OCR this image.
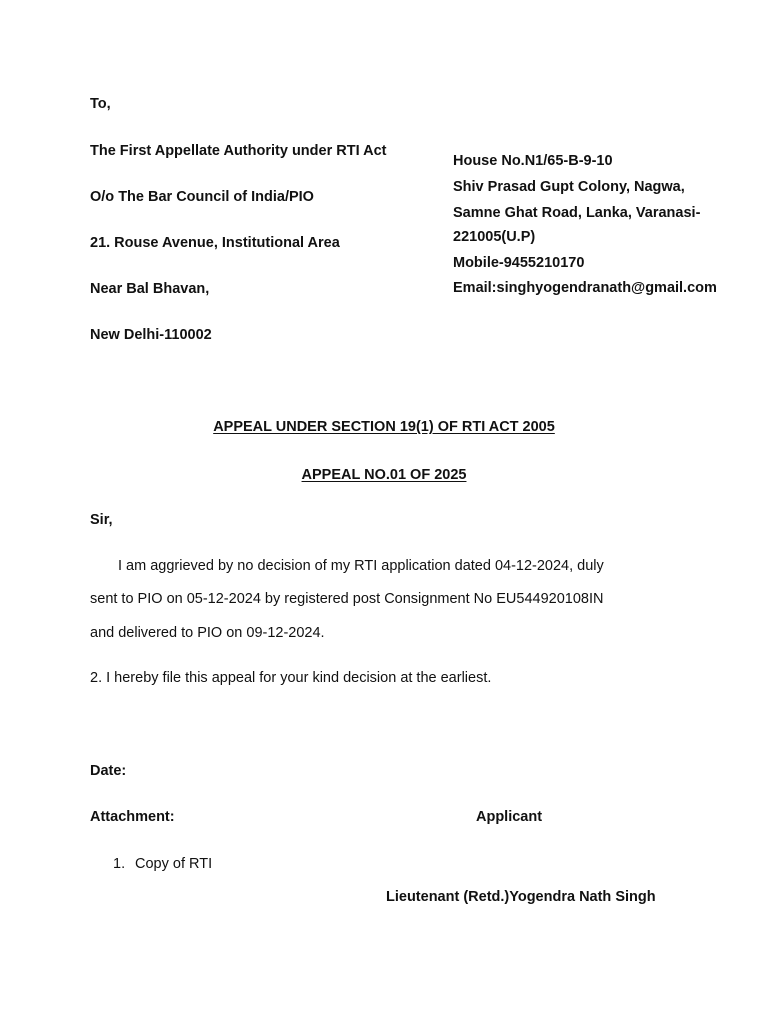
To,
The First Appellate Authority under RTI Act
O/o The Bar Council of India/PIO
21. Rouse Avenue, Institutional Area
Near Bal Bhavan,
New Delhi-110002
House No.N1/65-B-9-10
Shiv Prasad Gupt Colony, Nagwa,
Samne Ghat Road, Lanka, Varanasi-
221005(U.P)
Mobile-9455210170
Email:singhyogendranath@gmail.com
APPEAL UNDER SECTION 19(1) OF RTI ACT 2005
APPEAL NO.01 OF 2025
Sir,
I am aggrieved by no decision of my RTI application dated 04-12-2024, duly
sent to PIO on 05-12-2024 by registered post Consignment No EU544920108IN
and delivered to PIO on 09-12-2024.
2. I hereby file this appeal for your kind decision at the earliest.
Date:
Attachment:	Applicant
1. Copy of RTI
Lieutenant (Retd.)Yogendra Nath Singh
